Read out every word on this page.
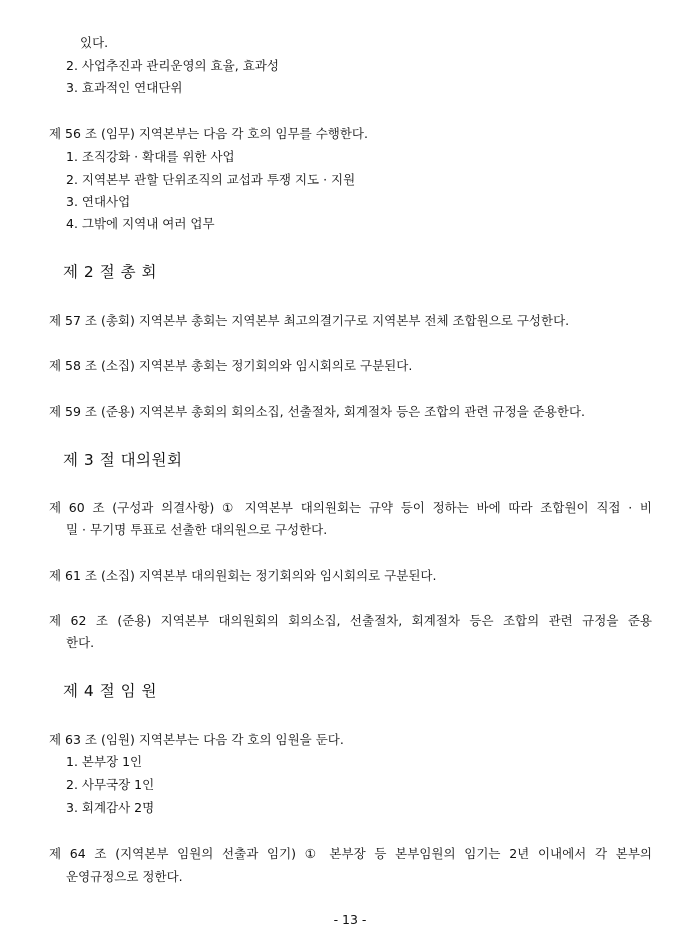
있다.
2. 사업추진과 관리운영의 효율, 효과성
3. 효과적인 연대단위
제 56 조 (임무) 지역본부는 다음 각 호의 임무를 수행한다.
1. 조직강화 · 확대를 위한 사업
2. 지역본부 관할 단위조직의 교섭과 투쟁 지도 · 지원
3. 연대사업
4. 그밖에 지역내 여러 업무
제 2 절 총 회
제 57 조 (총회) 지역본부 총회는 지역본부 최고의결기구로 지역본부 전체 조합원으로 구성한다.
제 58 조 (소집) 지역본부 총회는 정기회의와 임시회의로 구분된다.
제 59 조 (준용) 지역본부 총회의 회의소집, 선출절차, 회계절차 등은 조합의 관련 규정을 준용한다.
제 3 절 대의원회
제 60 조 (구성과 의결사항) ① 지역본부 대의원회는 규약 등이 정하는 바에 따라 조합원이 직접 · 비
밀 · 무기명 투표로 선출한 대의원으로 구성한다.
제 61 조 (소집) 지역본부 대의원회는 정기회의와 임시회의로 구분된다.
제 62 조 (준용) 지역본부 대의원회의 회의소집, 선출절차, 회계절차 등은 조합의 관련 규정을 준용
한다.
제 4 절 임 원
제 63 조 (임원) 지역본부는 다음 각 호의 임원을 둔다.
1. 본부장 1인
2. 사무국장 1인
3. 회계감사 2명
제 64 조 (지역본부 임원의 선출과 임기) ① 본부장 등 본부임원의 임기는 2년 이내에서 각 본부의
운영규정으로 정한다.
- 13 -
